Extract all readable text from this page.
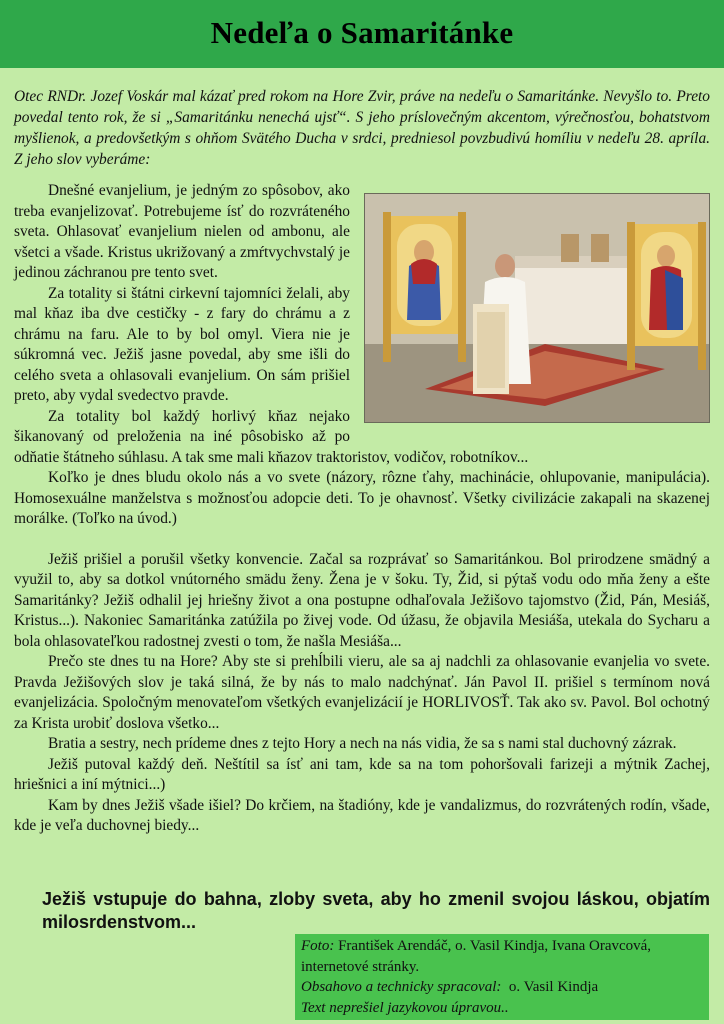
Nedeľa o Samaritánke
Otec RNDr. Jozef Voskár mal kázať pred rokom na Hore Zvir, práve na nedeľu o Samaritánke. Nevyšlo to. Preto povedal tento rok, že si „Samaritánku nenechá ujsť“. S jeho príslovečným akcentom, výrečnosťou, bohatstvom myšlienok, a predovšetkým s ohňom Svätého Ducha v srdci, predniesol povzbudivú homíliu v nedeľu 28. apríla. Z jeho slov vyberáme:

Dnešné evanjelium, je jedným zo spôsobov, ako treba evanjelizovať. Potrebujeme ísť do rozvráteného sveta. Ohlasovať evanjelium nielen od ambonu, ale všetci a všade. Kristus ukrižovaný a zmŕtvychvstalý je jedinou záchranou pre tento svet.

Za totality si štátni cirkevní tajomníci želali, aby mal kňaz iba dve cestičky - z fary do chrámu a z chrámu na faru. Ale to by bol omyl. Viera nie je súkromná vec. Ježiš jasne povedal, aby sme išli do celého sveta a ohlasovali evanjelium. On sám prišiel preto, aby vydal svedectvo pravde.

Za totality bol každý horlivý kňaz nejako šikanovaný od preloženia na iné pôsobisko až po odňatie štátneho súhlasu. A tak sme mali kňazov traktoristov, vodičov, robotníkov...

Koľko je dnes bludu okolo nás a vo svete (názory, rôzne ťahy, machinácie, ohlupovanie, manipulácia). Homosexuálne manželstva s možnosťou adopcie deti. To je ohavnosť. Všetky civilizácie zakapali na skazenej morálke. (Toľko na úvod.)

Ježiš prišiel a porušil všetky konvencie. Začal sa rozprávať so Samaritánkou. Bol prirodzene smädný a využil to, aby sa dotkol vnútorného smädu ženy. Žena je v šoku. Ty, Žid, si pýtaš vodu odo mňa ženy a ešte Samaritánky? Ježiš odhalil jej hriešny život a ona postupne odhaľovala Ježišovo tajomstvo (Žid, Pán, Mesiáš, Kristus...). Nakoniec Samaritánka zatúžila po živej vode. Od úžasu, že objavila Mesiáša, utekala do Sycharu a bola ohlasovateľkou radostnej zvesti o tom, že našla Mesiáša...

Prečo ste dnes tu na Hore? Aby ste si prehĺbili vieru, ale sa aj nadchli za ohlasovanie evanjelia vo svete. Pravda Ježišových slov je taká silná, že by nás to malo nadchýnať. Ján Pavol II. prišiel s termínom nová evanjelizácia. Spoločným menovateľom všetkých evanjelizácií je HORLIVOSŤ. Tak ako sv. Pavol. Bol ochotný za Krista urobiť doslova všetko...

Bratia a sestry, nech prídeme dnes z tejto Hory a nech na nás vidia, že sa s nami stal duchovný zázrak.

Ježiš putoval každý deň. Neštítil sa ísť ani tam, kde sa na tom pohoršovali farizeji a mýtnik Zachej, hriešnici a iní mýtnici...)

Kam by dnes Ježiš všade išiel? Do krčiem, na štadióny, kde je vandalizmus, do rozvrátených rodín, všade, kde je veľa duchovnej biedy...

Ježiš vstupuje do bahna, zloby sveta, aby ho zmenil svojou láskou, objatím milosrdenstvom...
Foto: František Arendáč, o. Vasil Kindja, Ivana Oravcová, internetové stránky.
Obsahovo a technicky spracoval: o. Vasil Kindja
Text neprešiel jazykovou úpravou..
